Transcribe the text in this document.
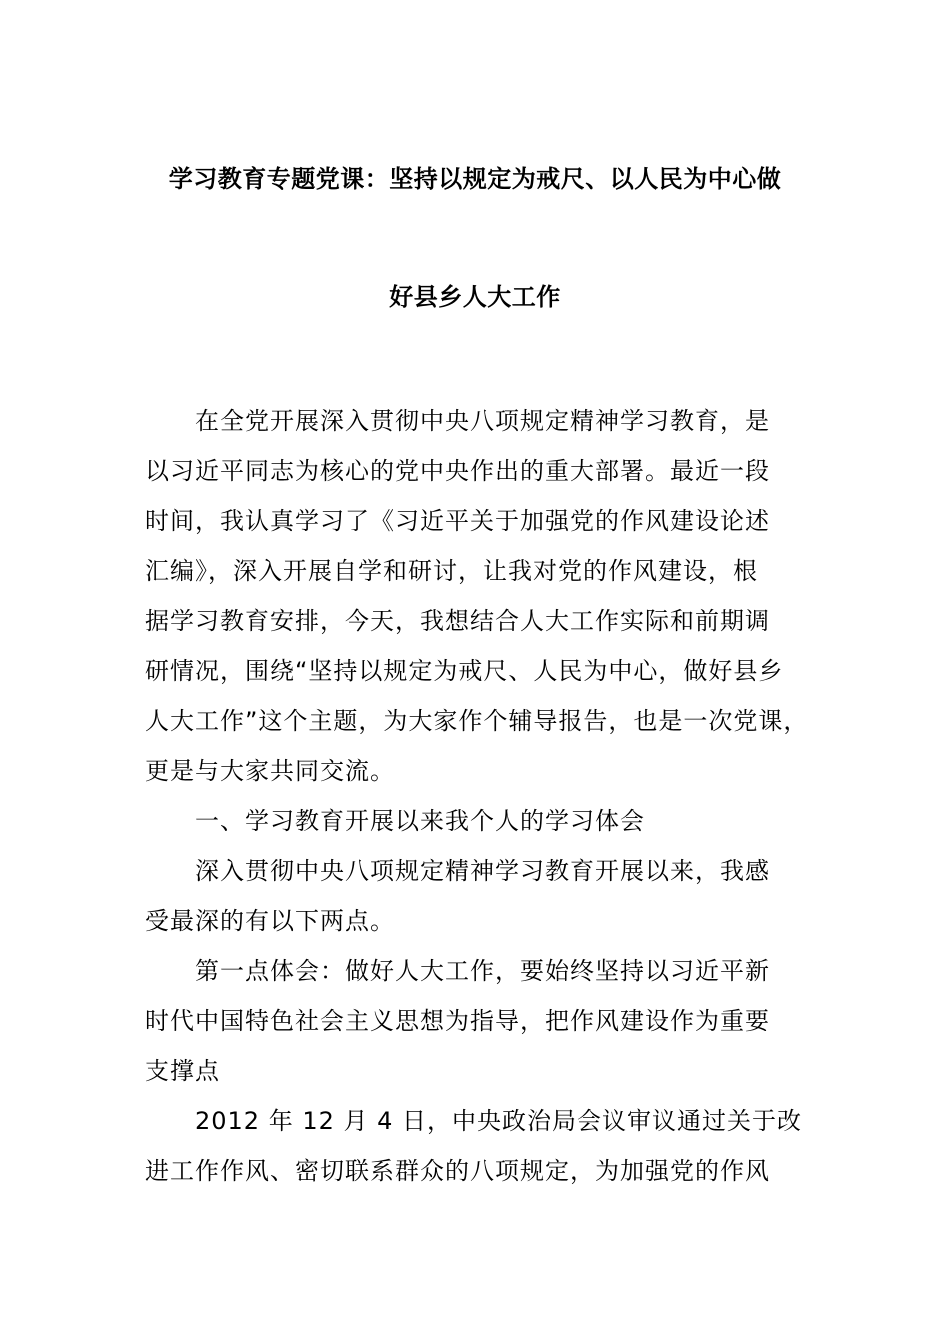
学习教育专题党课：坚持以规定为戒尺、以人民为中心做
好县乡人大工作
在全党开展深入贯彻中央八项规定精神学习教育，是
以习近平同志为核心的党中央作出的重大部署。最近一段
时间，我认真学习了《习近平关于加强党的作风建设论述
汇编》，深入开展自学和研讨，让我对党的作风建设，根
据学习教育安排，今天，我想结合人大工作实际和前期调
研情况，围绕“坚持以规定为戒尺、人民为中心，做好县乡
人大工作”这个主题，为大家作个辅导报告，也是一次党课，
更是与大家共同交流。
一、学习教育开展以来我个人的学习体会
深入贯彻中央八项规定精神学习教育开展以来，我感
受最深的有以下两点。
第一点体会：做好人大工作，要始终坚持以习近平新
时代中国特色社会主义思想为指导，把作风建设作为重要
支撑点
2012 年 12 月 4 日，中央政治局会议审议通过关于改
进工作作风、密切联系群众的八项规定，为加强党的作风
